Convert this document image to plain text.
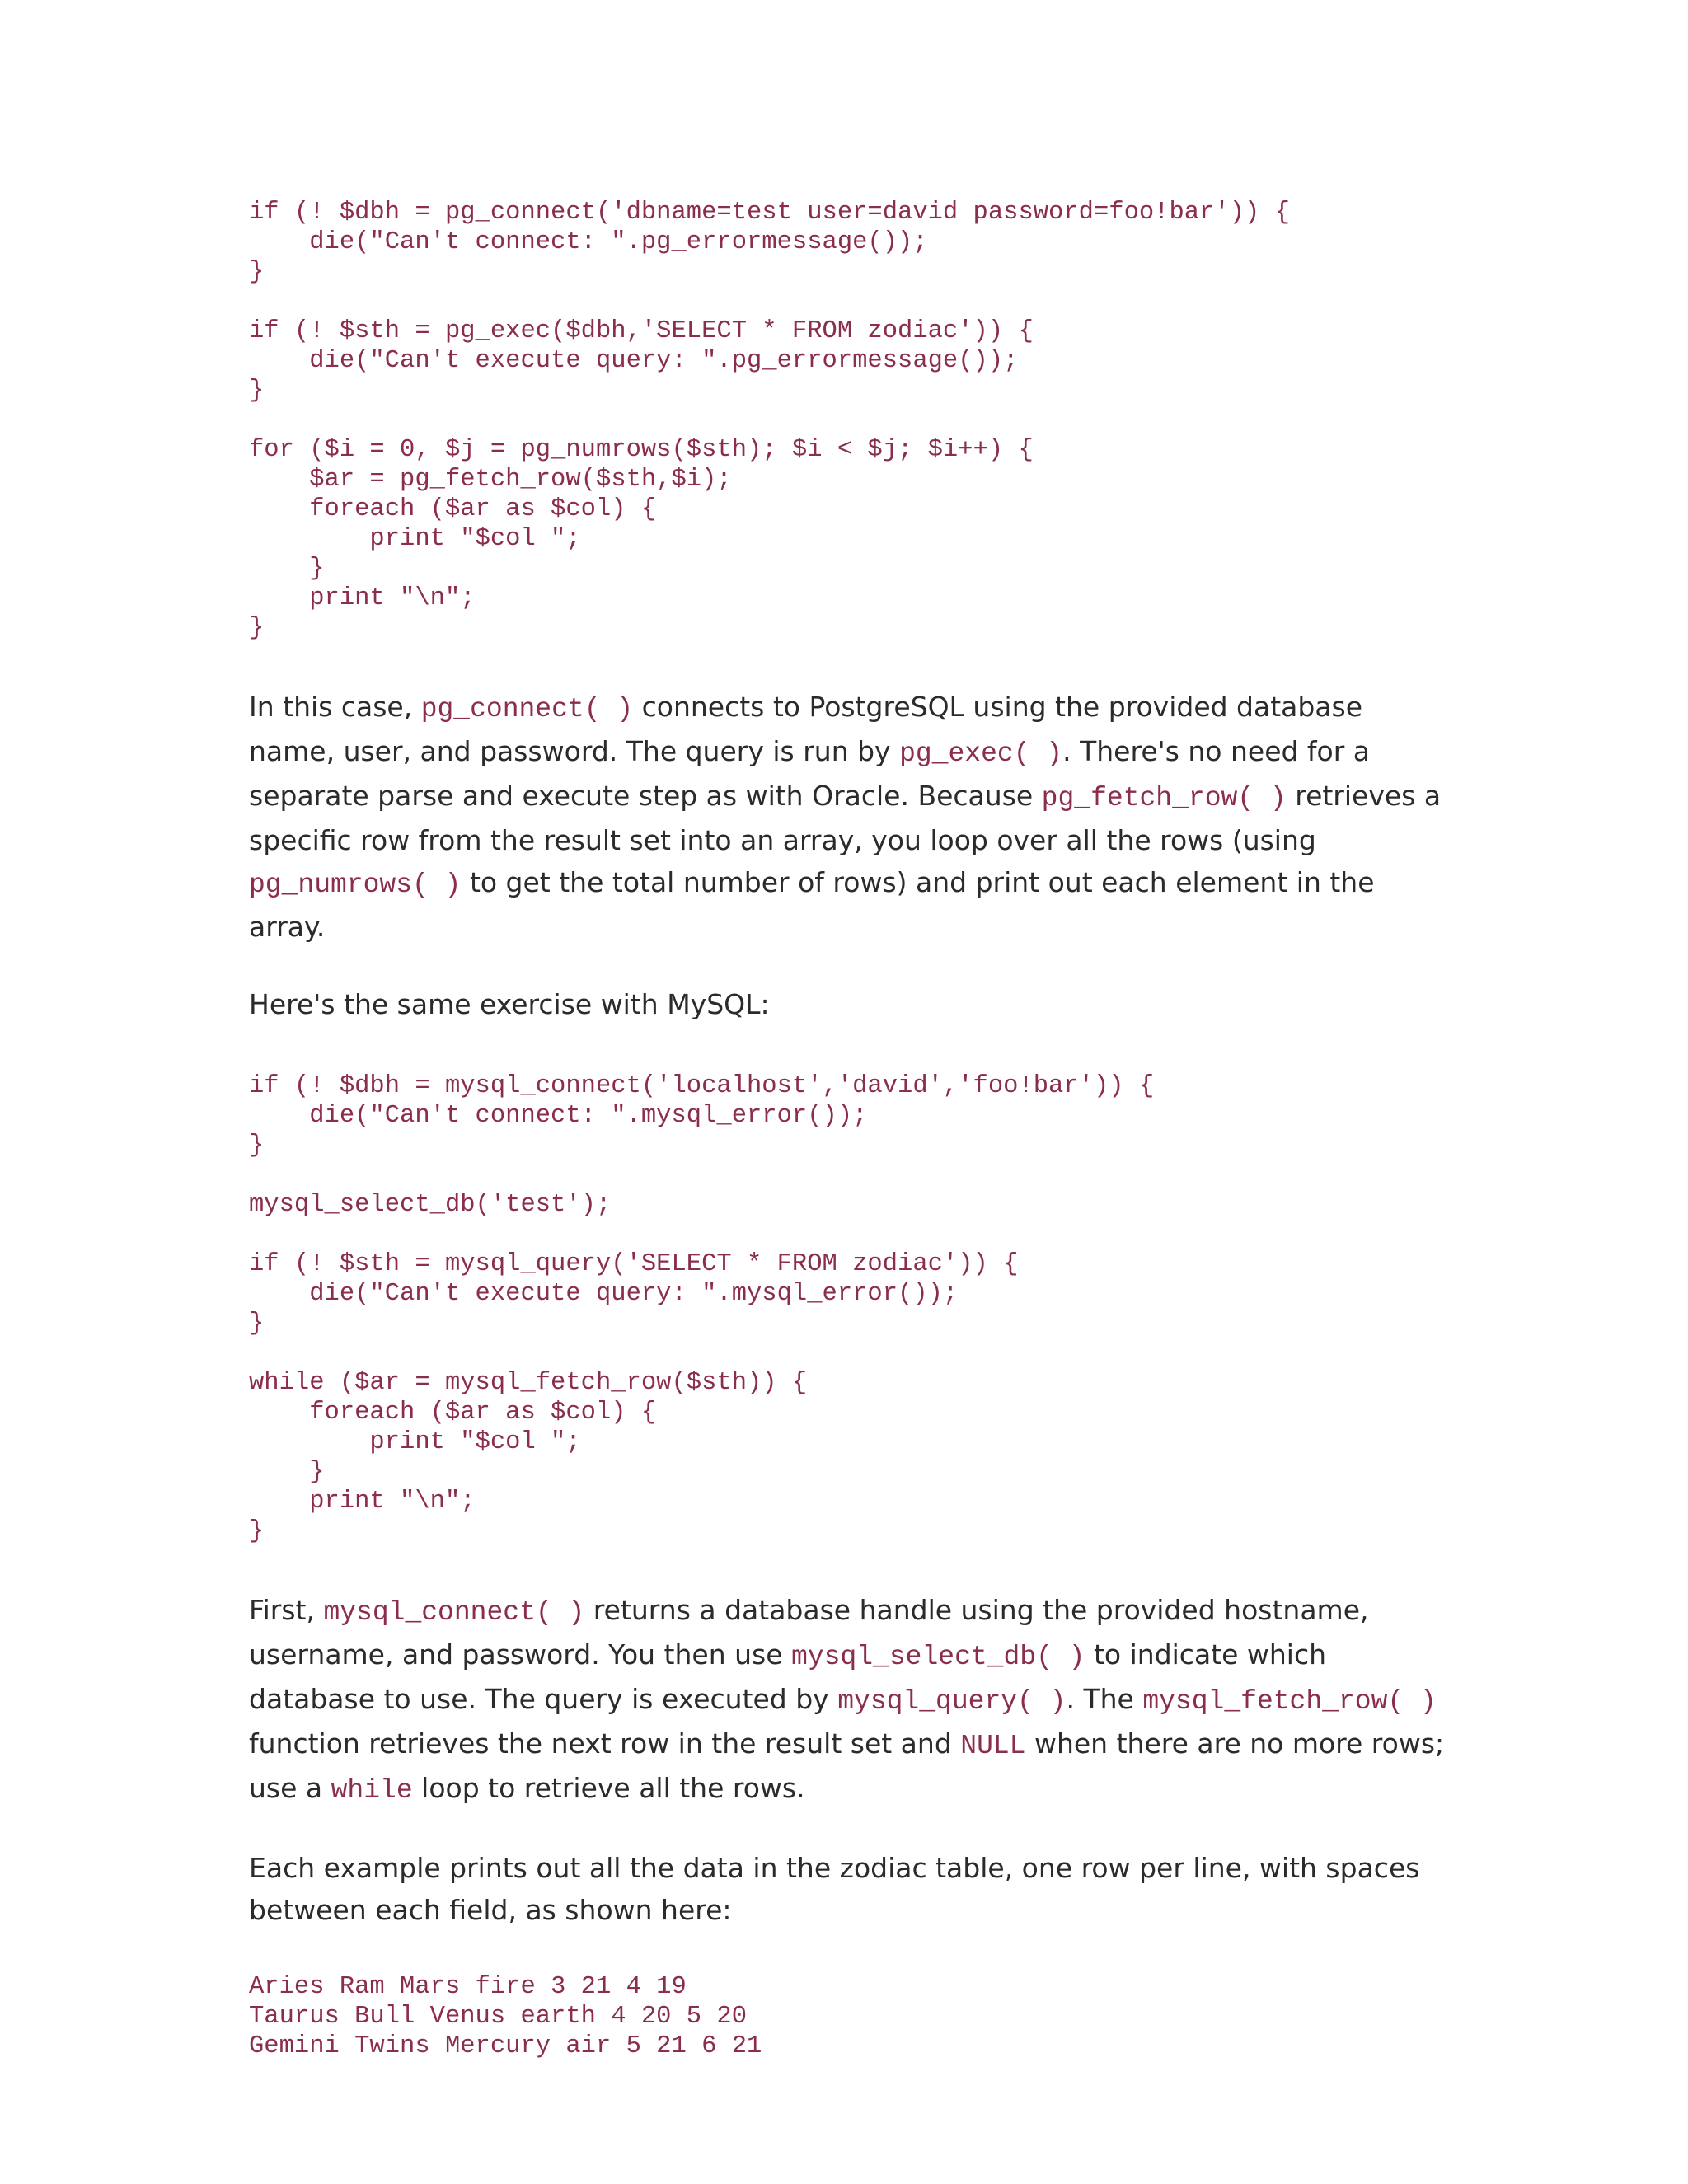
if (! $dbh = pg_connect('dbname=test user=david password=foo!bar')) {
die("Can't connect: ".pg_errormessage());
}

if (! $sth = pg_exec($dbh,'SELECT * FROM zodiac')) {
die("Can't execute query: ".pg_errormessage());
}

for ($i = 0, $j = pg_numrows($sth); $i < $j; $i++) {
$ar = pg_fetch_row($sth,$i);
foreach ($ar as $col) {
print "$col ";
}
print "\n";
}

In this case, pg_connect( ) connects to PostgreSQL using the provided database name, user, and password. The query is run by pg_exec( ). There's no need for a separate parse and execute step as with Oracle. Because pg_fetch_row( ) retrieves a specific row from the result set into an array, you loop over all the rows (using pg_numrows( ) to get the total number of rows) and print out each element in the array.

Here's the same exercise with MySQL:

if (! $dbh = mysql_connect('localhost','david','foo!bar')) {
die("Can't connect: ".mysql_error());
}

mysql_select_db('test');

if (! $sth = mysql_query('SELECT * FROM zodiac')) {
die("Can't execute query: ".mysql_error());
}

while ($ar = mysql_fetch_row($sth)) {
foreach ($ar as $col) {
print "$col ";
}
print "\n";
}

First, mysql_connect( ) returns a database handle using the provided hostname, username, and password. You then use mysql_select_db( ) to indicate which database to use. The query is executed by mysql_query( ). The mysql_fetch_row( ) function retrieves the next row in the result set and NULL when there are no more rows; use a while loop to retrieve all the rows.

Each example prints out all the data in the zodiac table, one row per line, with spaces between each field, as shown here:

Aries Ram Mars fire 3 21 4 19
Taurus Bull Venus earth 4 20 5 20
Gemini Twins Mercury air 5 21 6 21
